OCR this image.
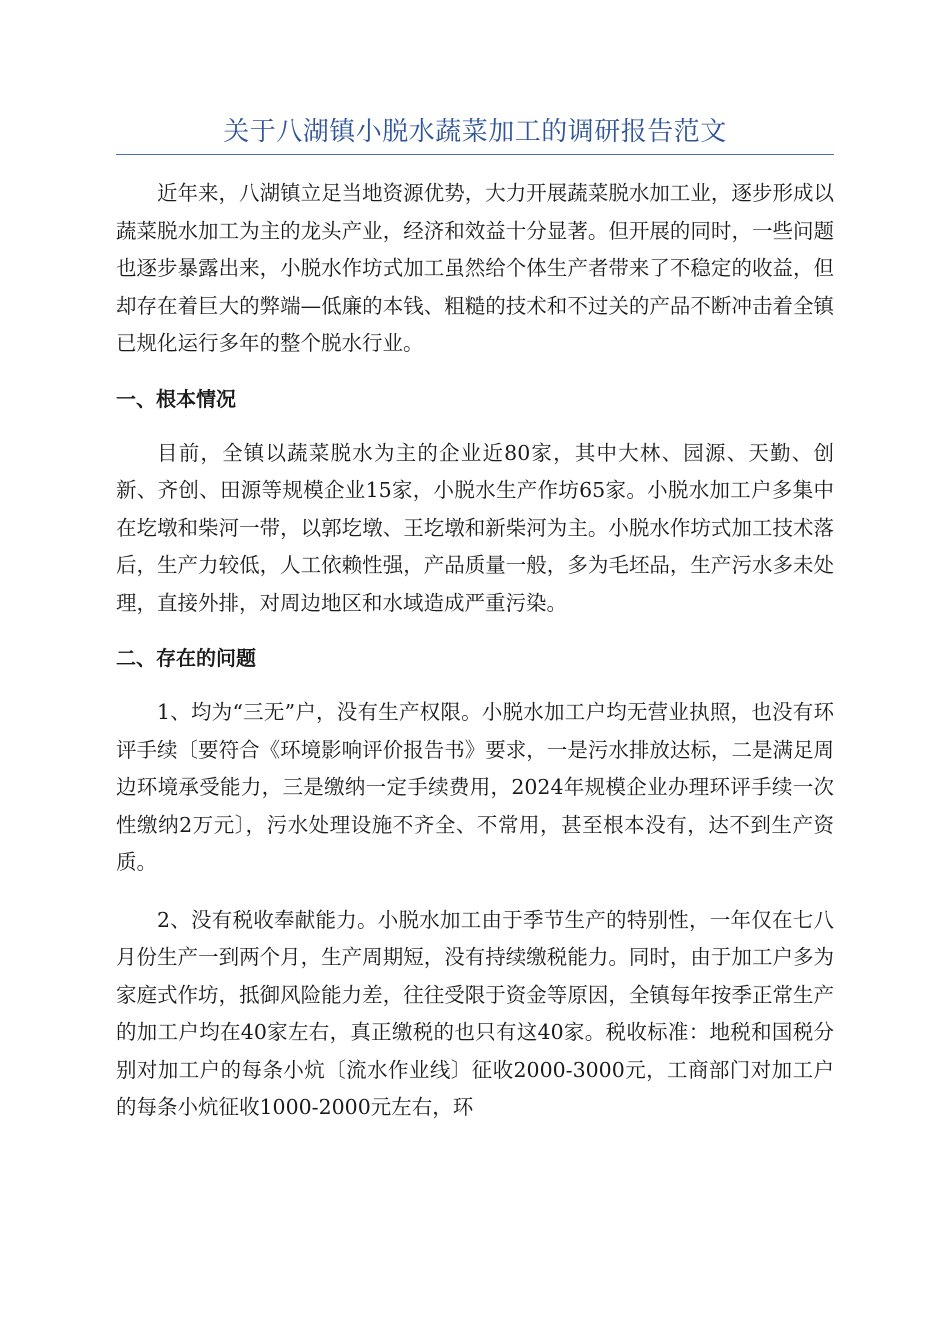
关于八湖镇小脱水蔬菜加工的调研报告范文

近年来，八湖镇立足当地资源优势，大力开展蔬菜脱水加工业，逐步形成以蔬菜脱水加工为主的龙头产业，经济和效益十分显著。但开展的同时，一些问题也逐步暴露出来，小脱水作坊式加工虽然给个体生产者带来了不稳定的收益，但却存在着巨大的弊端—低廉的本钱、粗糙的技术和不过关的产品不断冲击着全镇已规化运行多年的整个脱水行业。

一、根本情况

目前，全镇以蔬菜脱水为主的企业近80家，其中大林、园源、天勤、创新、齐创、田源等规模企业15家，小脱水生产作坊65家。小脱水加工户多集中在圪墩和柴河一带，以郭圪墩、王圪墩和新柴河为主。小脱水作坊式加工技术落后，生产力较低，人工依赖性强，产品质量一般，多为毛坯品，生产污水多未处理，直接外排，对周边地区和水域造成严重污染。

二、存在的问题

1、均为“三无”户，没有生产权限。小脱水加工户均无营业执照，也没有环评手续〔要符合《环境影响评价报告书》要求，一是污水排放达标，二是满足周边环境承受能力，三是缴纳一定手续费用，2024年规模企业办理环评手续一次性缴纳2万元〕，污水处理设施不齐全、不常用，甚至根本没有，达不到生产资质。

2、没有税收奉献能力。小脱水加工由于季节生产的特别性，一年仅在七八月份生产一到两个月，生产周期短，没有持续缴税能力。同时，由于加工户多为家庭式作坊，抵御风险能力差，往往受限于资金等原因，全镇每年按季正常生产的加工户均在40家左右，真正缴税的也只有这40家。税收标准：地税和国税分别对加工户的每条小炕〔流水作业线〕征收2000-3000元，工商部门对加工户的每条小炕征收1000-2000元左右，环
